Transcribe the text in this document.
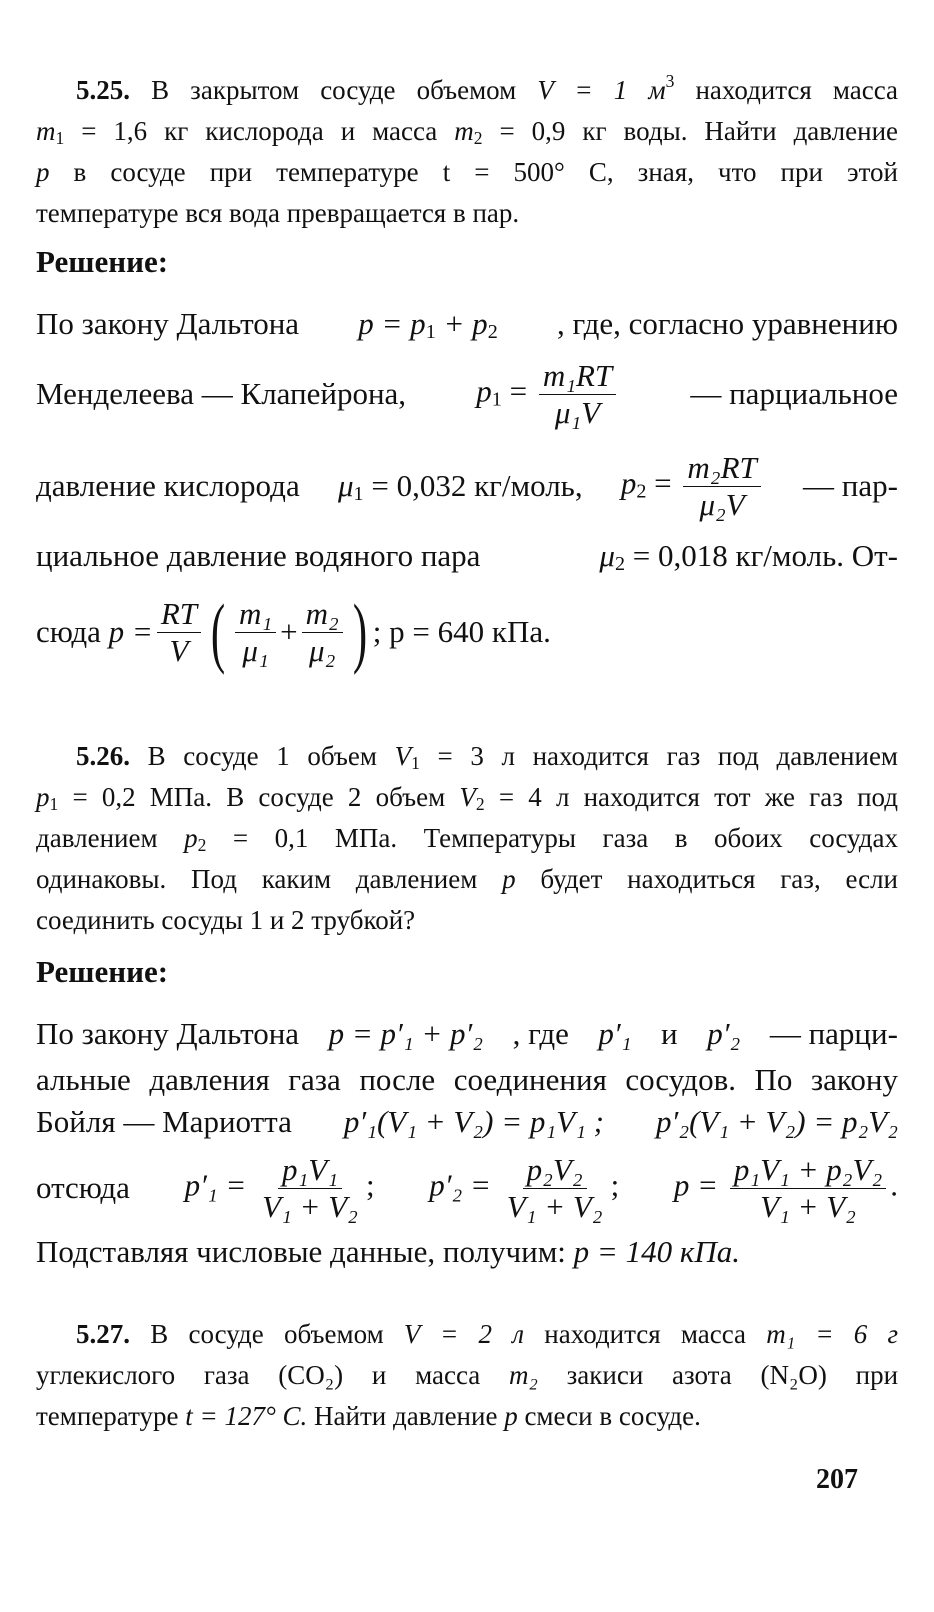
5.25. В закрытом сосуде объемом V = 1 $м^3$ находится масса
$m_1 = 1,6$ кг кислорода и масса $m_2 = 0,9$ кг воды. Найти давление
p в сосуде при температуре t = 500° С, зная, что при этой
температуре вся вода превращается в пар.
Решение:
По закону Дальтона $p = p_1 + p_2$ , где, согласно уравнению
Менделеева — Клапейрона, $p_1 = \frac{\text{m₁RT}}{\text{μ₁V}}$ — парциальное
давление кислорода $\mu_1 = 0,032$ кг/моль, $p_2 = \frac{\text{m₂RT}}{\text{μ₂V}}$ — пар-
циальное давление водяного пара	$\mu_2 = 0,018$ кг/моль. От-
сюда
$p = \frac{RT}{V}$ ( $\frac{\text{m₁}}{\text{μ₁}} + \frac{\text{m₂}}{\text{μ₂}}$ ) ; p = 640 кПа.
5.26. В сосуде 1 объем $V_1 = 3$ л находится газ под давлением
$p_1 = 0,2$ МПа. В сосуде 2 объем $V_2 = 4$ л находится тот же газ под
давлением $p_2 = 0,1$ МПа. Температуры газа в обоих сосудах
одинаковы. Под каким давлением p будет находиться газ, если
соединить сосуды 1 и 2 трубкой?
Решение:
По закону Дальтона p = p′₁ + p′₂ , где p′₁ и p′₂ — парци-
альные давления газа после соединения сосудов. По закону
Бойля — Мариотта p′₁(V₁ + V₂) = p₁V₁ ; p′₂(V₁ + V₂) = p₂V₂
отсюда $p'_1 = \frac{\text{p₁V₁}}{\text{V₁ + V₂}}$ ; $p'_2 = \frac{\text{p₂V₂}}{\text{V₁ + V₂}}$ ; $p = \frac{\text{p₁V₁ + p₂V₂}}{\text{V₁ + V₂}}$ .
Подставляя числовые данные, получим: p = 140 кПа.
5.27. В сосуде объемом V = 2 л находится масса m₁ = 6 г
углекислого газа (CO₂) и масса m₂ закиси азота (N₂O) при
температуре t = 127° С. Найти давление p смеси в сосуде.
207
